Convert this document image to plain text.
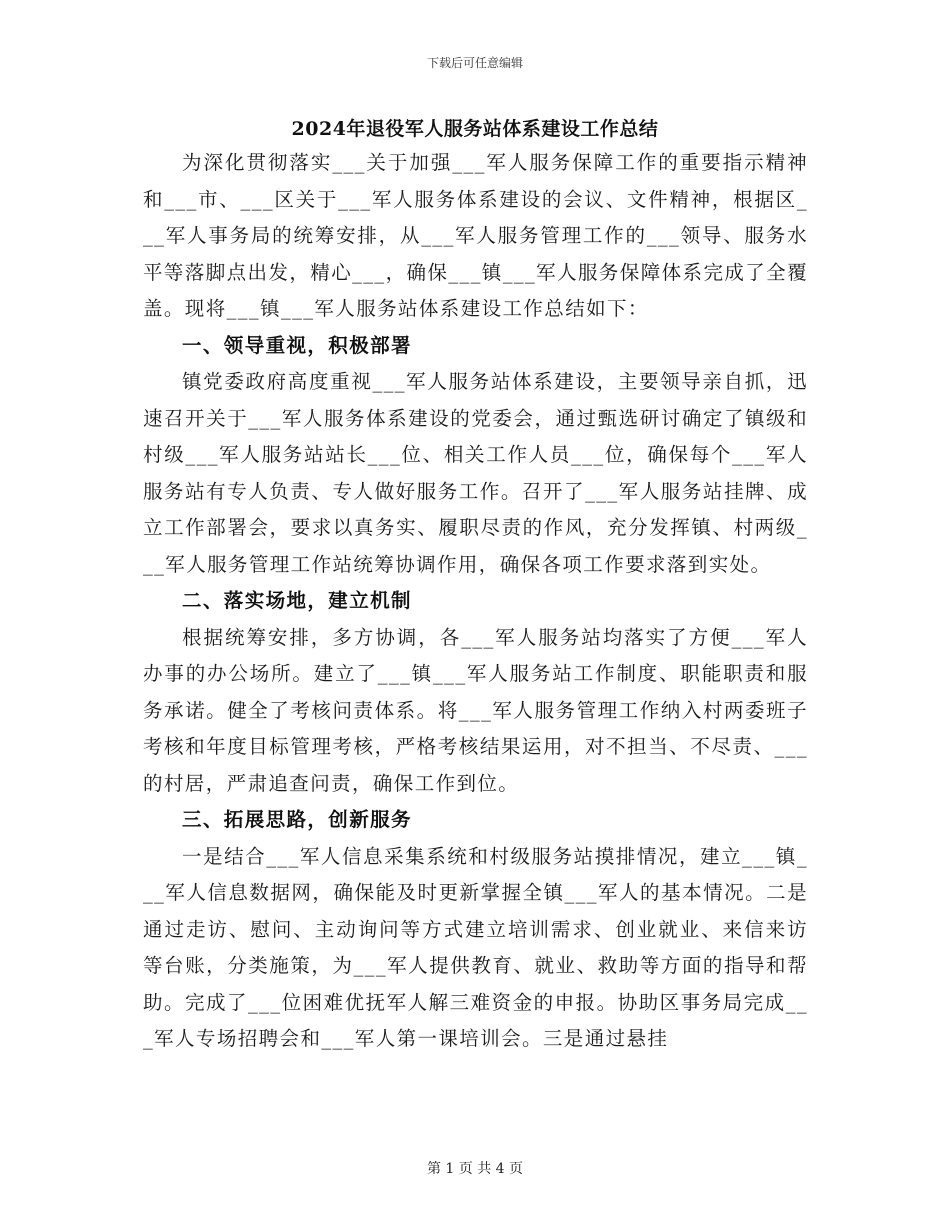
下载后可任意编辑
2024年退役军人服务站体系建设工作总结

为深化贯彻落实___关于加强___军人服务保障工作的重要指示精神和___市、___区关于___军人服务体系建设的会议、文件精神，根据区___军人事务局的统筹安排，从___军人服务管理工作的___领导、服务水平等落脚点出发，精心___，确保___镇___军人服务保障体系完成了全覆盖。现将___镇___军人服务站体系建设工作总结如下：

一、领导重视，积极部署

镇党委政府高度重视___军人服务站体系建设，主要领导亲自抓，迅速召开关于___军人服务体系建设的党委会，通过甄选研讨确定了镇级和村级___军人服务站站长___位、相关工作人员___位，确保每个___军人服务站有专人负责、专人做好服务工作。召开了___军人服务站挂牌、成立工作部署会，要求以真务实、履职尽责的作风，充分发挥镇、村两级___军人服务管理工作站统筹协调作用，确保各项工作要求落到实处。

二、落实场地，建立机制

根据统筹安排，多方协调，各___军人服务站均落实了方便___军人办事的办公场所。建立了___镇___军人服务站工作制度、职能职责和服务承诺。健全了考核问责体系。将___军人服务管理工作纳入村两委班子考核和年度目标管理考核，严格考核结果运用，对不担当、不尽责、___的村居，严肃追查问责，确保工作到位。

三、拓展思路，创新服务

一是结合___军人信息采集系统和村级服务站摸排情况，建立___镇___军人信息数据网，确保能及时更新掌握全镇___军人的基本情况。二是通过走访、慰问、主动询问等方式建立培训需求、创业就业、来信来访等台账，分类施策，为___军人提供教育、就业、救助等方面的指导和帮助。完成了___位困难优抚军人解三难资金的申报。协助区事务局完成___军人专场招聘会和___军人第一课培训会。三是通过悬挂

第 1 页 共 4 页
